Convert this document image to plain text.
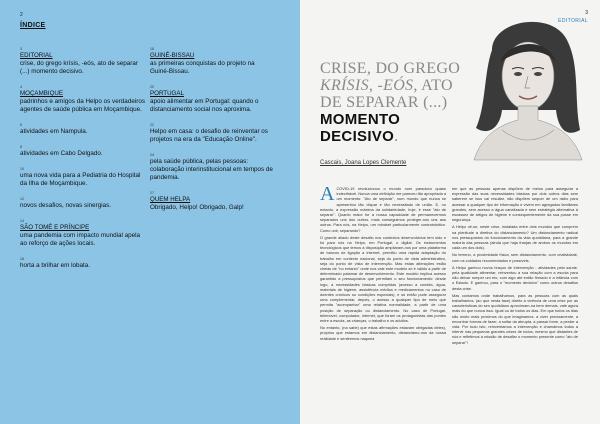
2
ÍNDICE
3
EDITORIAL
crise, do grego krísis, -eós, ato de separar (...) momento decisivo.
4
MOÇAMBIQUE
padrinhos e amigos da Helpo os verdadeiros agentes de saúde pública em Moçambique.
5
atividades em Nampula.
8
atividades em Cabo Delgado.
10
uma nova vida para a Pediatria do Hospital da Ilha de Moçambique.
12
novos desafios, novas sinergias.
14
SÃO TOMÉ E PRÍNCIPE
uma pandemia com impacto mundial apela ao reforço de ações locais.
16
horta a brilhar em lobata.
18
GUINÉ-BISSAU
as primeiras conquistas do projeto na Guiné-Bissau.
20
PORTUGAL
apoio alimentar em Portugal: quando o distanciamento social nos aproxima.
22
Helpo em casa: o desafio de reinventar os projetos na era da "Educação Online".
24
pela saúde pública, pelas pessoas: colaboração interinstitucional em tempos de pandemia.
27
QUEM HELPA
Obrigado, Helpo! Obrigado, Galp!
3
EDITORIAL
CRISE, DO GREGO KRÍSIS, -EÓS, ATO DE SEPARAR (...) MOMENTO DECISIVO.
Cascais, Joana Lopes Clemente
A COVID-19 revolucionou o mundo num paradoxo quase indecifrável. Nunca uma definição me pareceu tão apropriada a um momento: "Ato de separar", num mundo que nunca se apresentou tão díspar e tão necessitado de união. E, no entanto, a expressão máxima da solidariedade, hoje, é esse "ato de separar". Quanto maior for a nossa capacidade de permanecermos separados uns dos outros, mais conseguimos proteger-nos uns aos outros. Para nós, na Helpo, um mindset particularmente contraintuitivo. Como unir, separando?
O grande aliado deste desafio nos contextos desenvolvidos tem sido e foi para nós na Helpo, em Portugal, o digital. Os instrumentos tecnológicos que temos à disposição ampliaram-nos por uma plataforma de bancos de ligação a internet, permitiu uma rápida adaptação do trabalho em contexto nacional, seja do ponto de vista administrativo, seja do ponto de vista de intervenção. Mas estas alterações estão cheias de "no entanto" onde nos vale este modelo só é válido a partir de determinado patamar de desenvolvimento. Este modelo implica acesso garantido a pressupostos que permitam o seu funcionamento: desde logo, a necessidades básicas cumpridas (acesso a comida, água, materiais de higiene, assistência médica e medicamentos no caso de doentes crónicos ou condições especiais), e só então pode assegurar uma complementar, depois, o acesso a qualquer tipo de meio que permita "acompanhar" uma relativa normalidade, a partir de uma posição de separação ou distanciamento. No caso de Portugal, telemóvel, computador, internet, que foram os protagonistas das pontes entre a escola, as crianças, o trabalho e os adultos.
No entanto, (na sabe) que estas afirmações estavam obrigadas deles), próprios que estamos em distanciamento, distanciámo-nos da nossa realidade e sentiremos naquela
em que as pessoas apenas dispõem de meios para assegurar a expressão das suas necessidades básicas por dois outros dias sem saberem se isso vai resultar, não dispõem sequer de um rádio para acessar a qualquer tipo de informação e vivem em agregados familiares grandes, sem acesso a água canalizada e sem estratégia alternativa à escassez de artigos de higiene e consequentemente da sua posse em segurança.
A Helpo vê-se, neste crise, instalada entre dois mundos que cumprem na plenitude a diretiva do distanciamento? Um distanciamento radical nos pressupostos do funcionamento da vida quotidiana, para a grande maioria das pessoas (ainda que haja franjas de ambos os mundos em cada um dos dois).
No terreno, a proximidade física, sem distanciamento, com criatividade, com os cuidados recomendados e possíveis.
A Helpo ganhou novos braços de intervenção - atividades pela saúde, pela qualidade alimentar, reinventou a sua relação com a escola para não deixar romper um elo, com algo até então firmado e a infância com o Estado. E ganhou, para o "momento decisivo" como outros desafios desta crise.
Mas contamos onde trabalhamos, para as pessoas com as quais trabalhamos. (ao que nesta fase) direito à vivência de uma crise por as características do seu quotidiano aproximam-na bem demais, vale agora mais do que nunca isso. Igual ou de todos os dias. Em que todos os dias são muito mais próximos do que imaginamos. a viver precisamente, a encontrar formas de fazer, a soltar da abrupta, a passar fome, a perder a vida. Por tudo isto, reinventamos a intervenção e chamámos todos a intervir nas pequenas grandes crises de todos, mesmo que distantes de nós e refletimos a missão de desafiar o momento presente como "ato de separar"!
